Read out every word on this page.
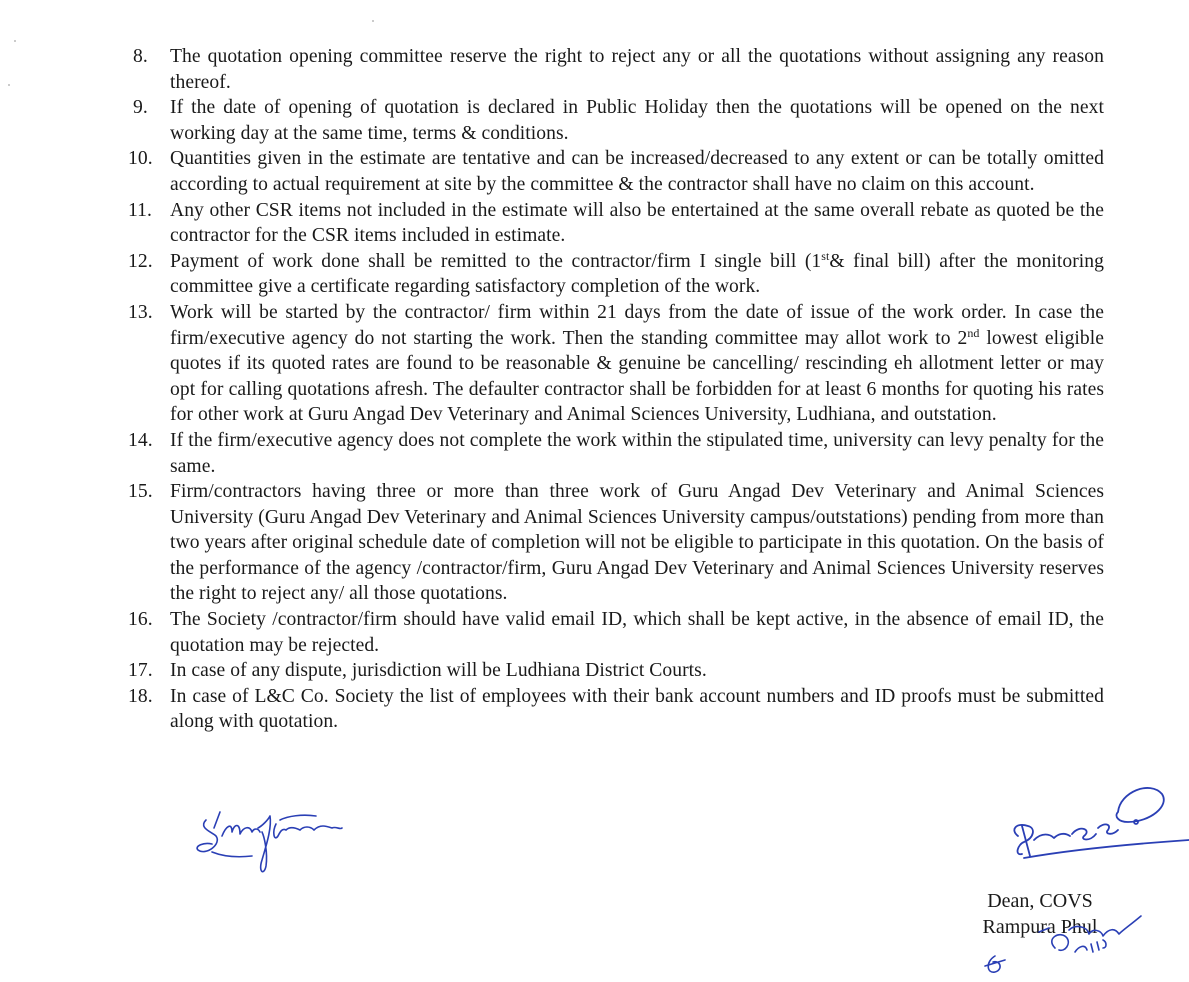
8.	The quotation opening committee reserve the right to reject any or all the quotations without assigning any reason thereof.
9.	If the date of opening of quotation is declared in Public Holiday then the quotations will be opened on the next working day at the same time, terms & conditions.
10. Quantities given in the estimate are tentative and can be increased/decreased to any extent or can be totally omitted according to actual requirement at site by the committee & the contractor shall have no claim on this account.
11. Any other CSR items not included in the estimate will also be entertained at the same overall rebate as quoted be the contractor for the CSR items included in estimate.
12. Payment of work done shall be remitted to the contractor/firm I single bill (1st& final bill) after the monitoring committee give a certificate regarding satisfactory completion of the work.
13. Work will be started by the contractor/ firm within 21 days from the date of issue of the work order. In case the firm/executive agency do not starting the work. Then the standing committee may allot work to 2nd lowest eligible quotes if its quoted rates are found to be reasonable & genuine be cancelling/ rescinding eh allotment letter or may opt for calling quotations afresh. The defaulter contractor shall be forbidden for at least 6 months for quoting his rates for other work at Guru Angad Dev Veterinary and Animal Sciences University, Ludhiana, and outstation.
14. If the firm/executive agency does not complete the work within the stipulated time, university can levy penalty for the same.
15. Firm/contractors having three or more than three work of Guru Angad Dev Veterinary and Animal Sciences University (Guru Angad Dev Veterinary and Animal Sciences University campus/outstations) pending from more than two years after original schedule date of completion will not be eligible to participate in this quotation. On the basis of the performance of the agency /contractor/firm, Guru Angad Dev Veterinary and Animal Sciences University reserves the right to reject any/ all those quotations.
16. The Society /contractor/firm should have valid email ID, which shall be kept active, in the absence of email ID, the quotation may be rejected.
17. In case of any dispute, jurisdiction will be Ludhiana District Courts.
18. In case of L&C Co. Society the list of employees with their bank account numbers and ID proofs must be submitted along with quotation.
Dean, COVS
Rampura Phul
